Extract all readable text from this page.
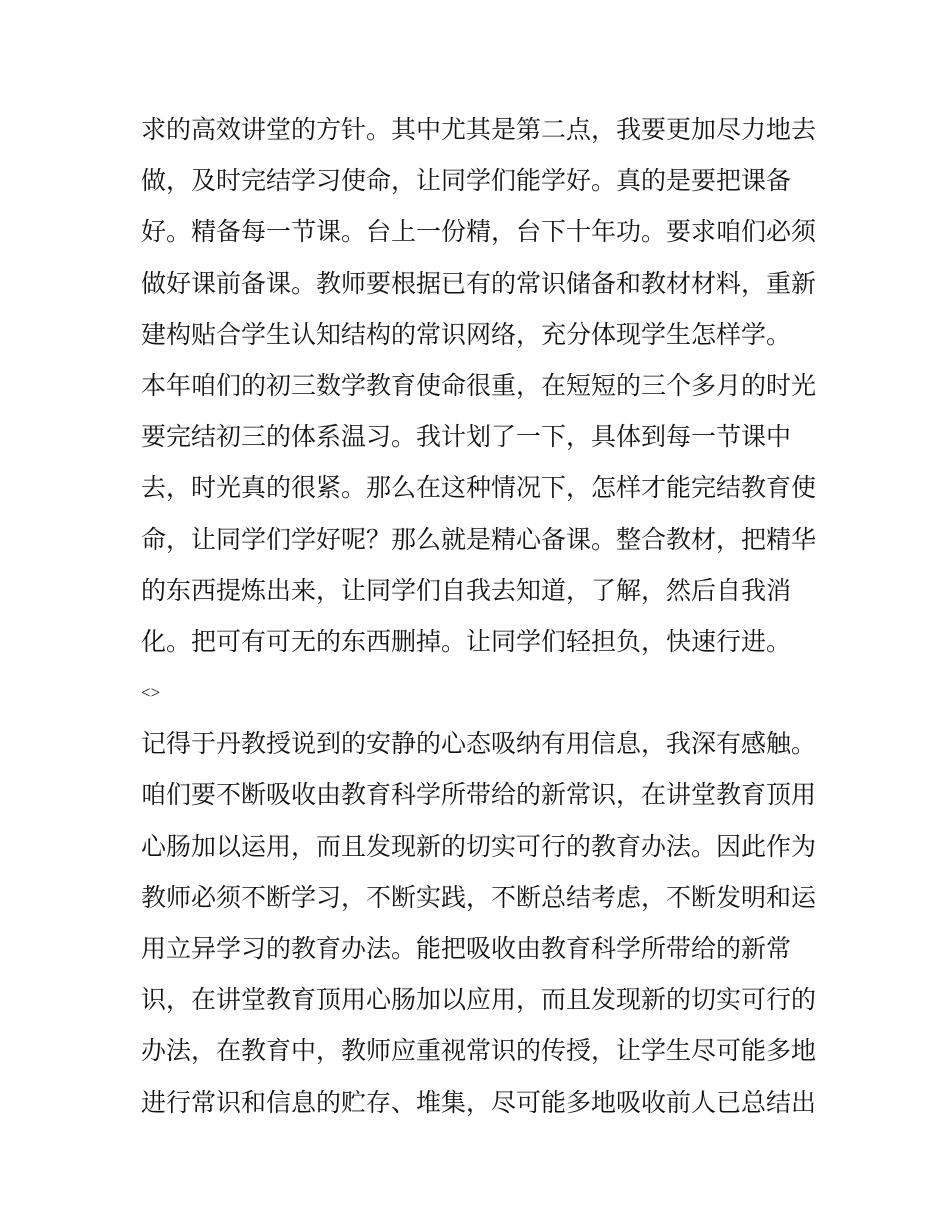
求的高效讲堂的方针。其中尤其是第二点，我要更加尽力地去
做，及时完结学习使命，让同学们能学好。真的是要把课备
好。精备每一节课。台上一份精，台下十年功。要求咱们必须
做好课前备课。教师要根据已有的常识储备和教材材料，重新
建构贴合学生认知结构的常识网络，充分体现学生怎样学。
本年咱们的初三数学教育使命很重，在短短的三个多月的时光
要完结初三的体系温习。我计划了一下，具体到每一节课中
去，时光真的很紧。那么在这种情况下，怎样才能完结教育使
命，让同学们学好呢？那么就是精心备课。整合教材，把精华
的东西提炼出来，让同学们自我去知道，了解，然后自我消
化。把可有可无的东西删掉。让同学们轻担负，快速行进。
<>
记得于丹教授说到的安静的心态吸纳有用信息，我深有感触。
咱们要不断吸收由教育科学所带给的新常识，在讲堂教育顶用
心肠加以运用，而且发现新的切实可行的教育办法。因此作为
教师必须不断学习，不断实践，不断总结考虑，不断发明和运
用立异学习的教育办法。能把吸收由教育科学所带给的新常
识，在讲堂教育顶用心肠加以应用，而且发现新的切实可行的
办法，在教育中，教师应重视常识的传授，让学生尽可能多地
进行常识和信息的贮存、堆集，尽可能多地吸收前人已总结出
